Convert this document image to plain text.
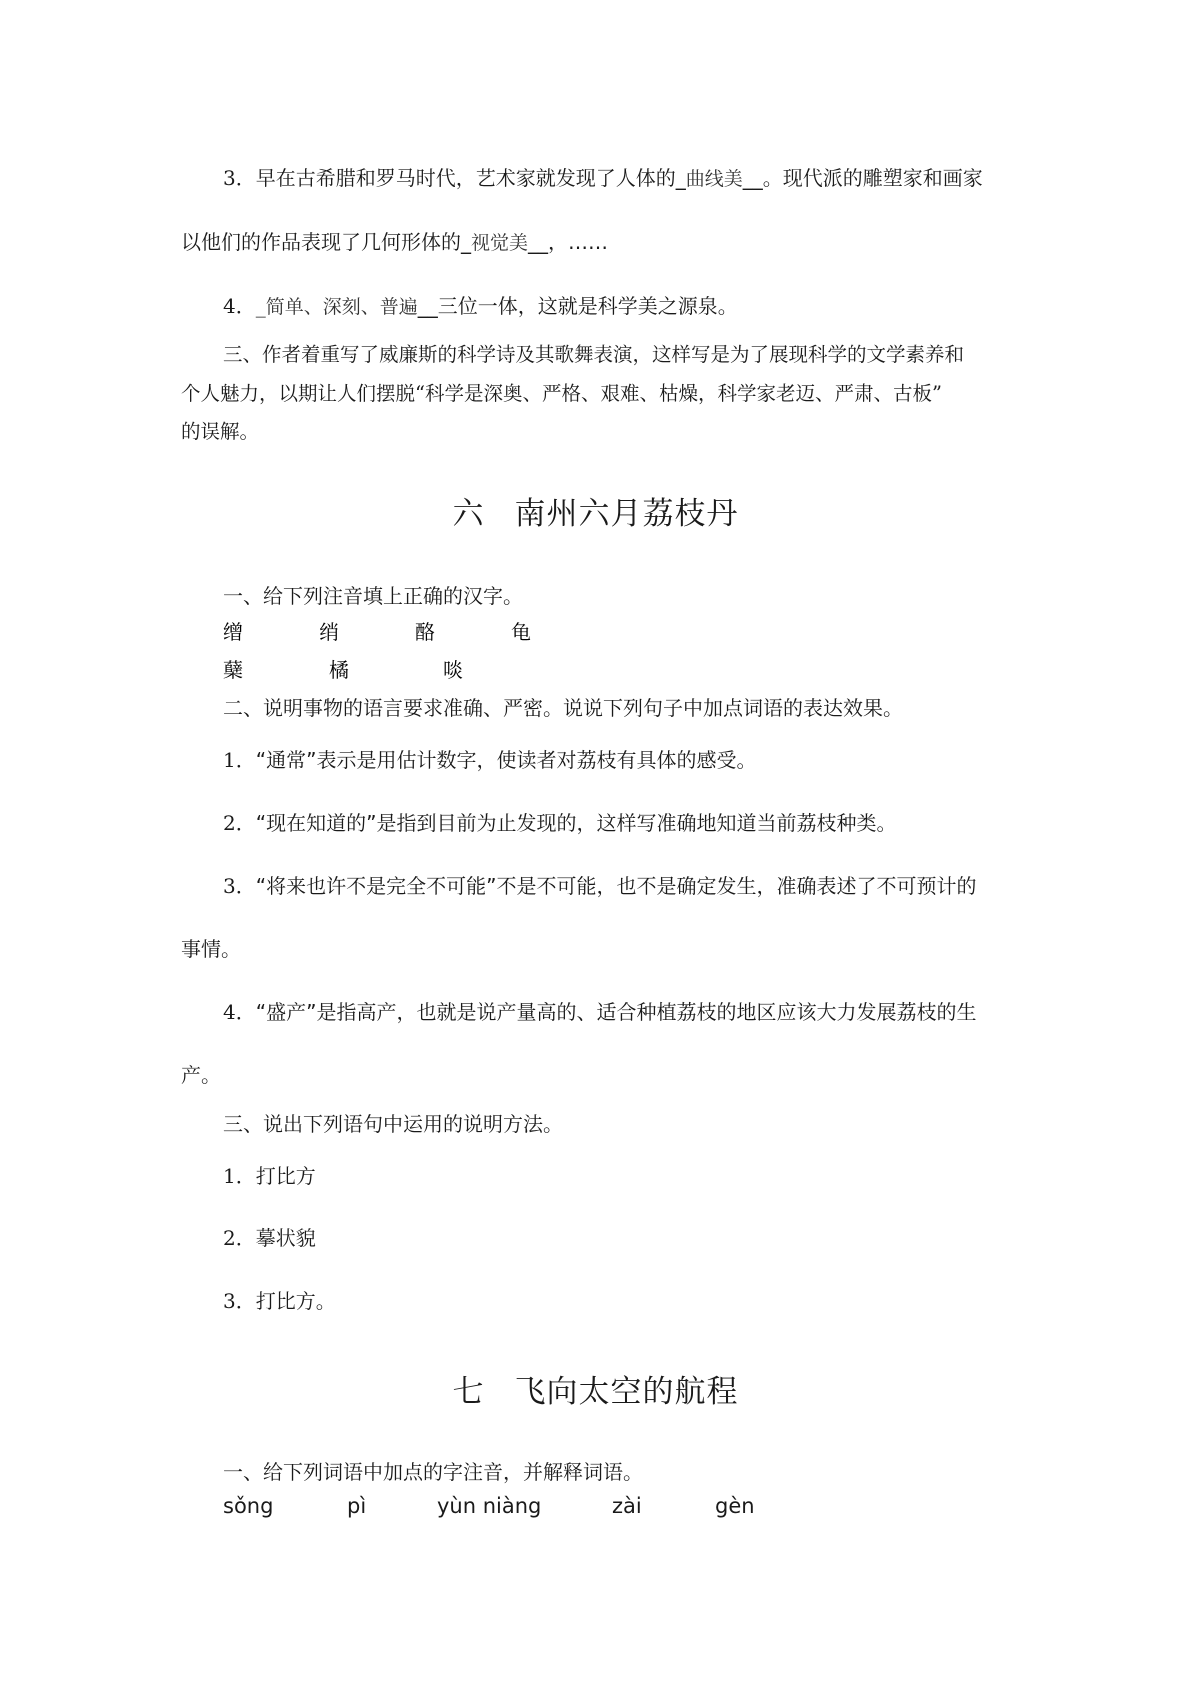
3．早在古希腊和罗马时代，艺术家就发现了人体的_曲线美__。现代派的雕塑家和画家
以他们的作品表现了几何形体的_视觉美__，……
4．_简单、深刻、普遍__三位一体，这就是科学美之源泉。
三、作者着重写了威廉斯的科学诗及其歌舞表演，这样写是为了展现科学的文学素养和
个人魅力，以期让人们摆脱“科学是深奥、严格、艰难、枯燥，科学家老迈、严肃、古板”
的误解。
六 南州六月荔枝丹
一、给下列注音填上正确的汉字。
缯	绡	酪	龟
蘖	橘	啖
二、说明事物的语言要求准确、严密。说说下列句子中加点词语的表达效果。
1．“通常”表示是用估计数字，使读者对荔枝有具体的感受。
2．“现在知道的”是指到目前为止发现的，这样写准确地知道当前荔枝种类。
3．“将来也许不是完全不可能”不是不可能，也不是确定发生，准确表述了不可预计的
事情。
4．“盛产”是指高产，也就是说产量高的、适合种植荔枝的地区应该大力发展荔枝的生
产。
三、说出下列语句中运用的说明方法。
1．打比方
2．摹状貌
3．打比方。
七 飞向太空的航程
一、给下列词语中加点的字注音，并解释词语。
sǒng	pì	yùn niàng	zài	gèn
